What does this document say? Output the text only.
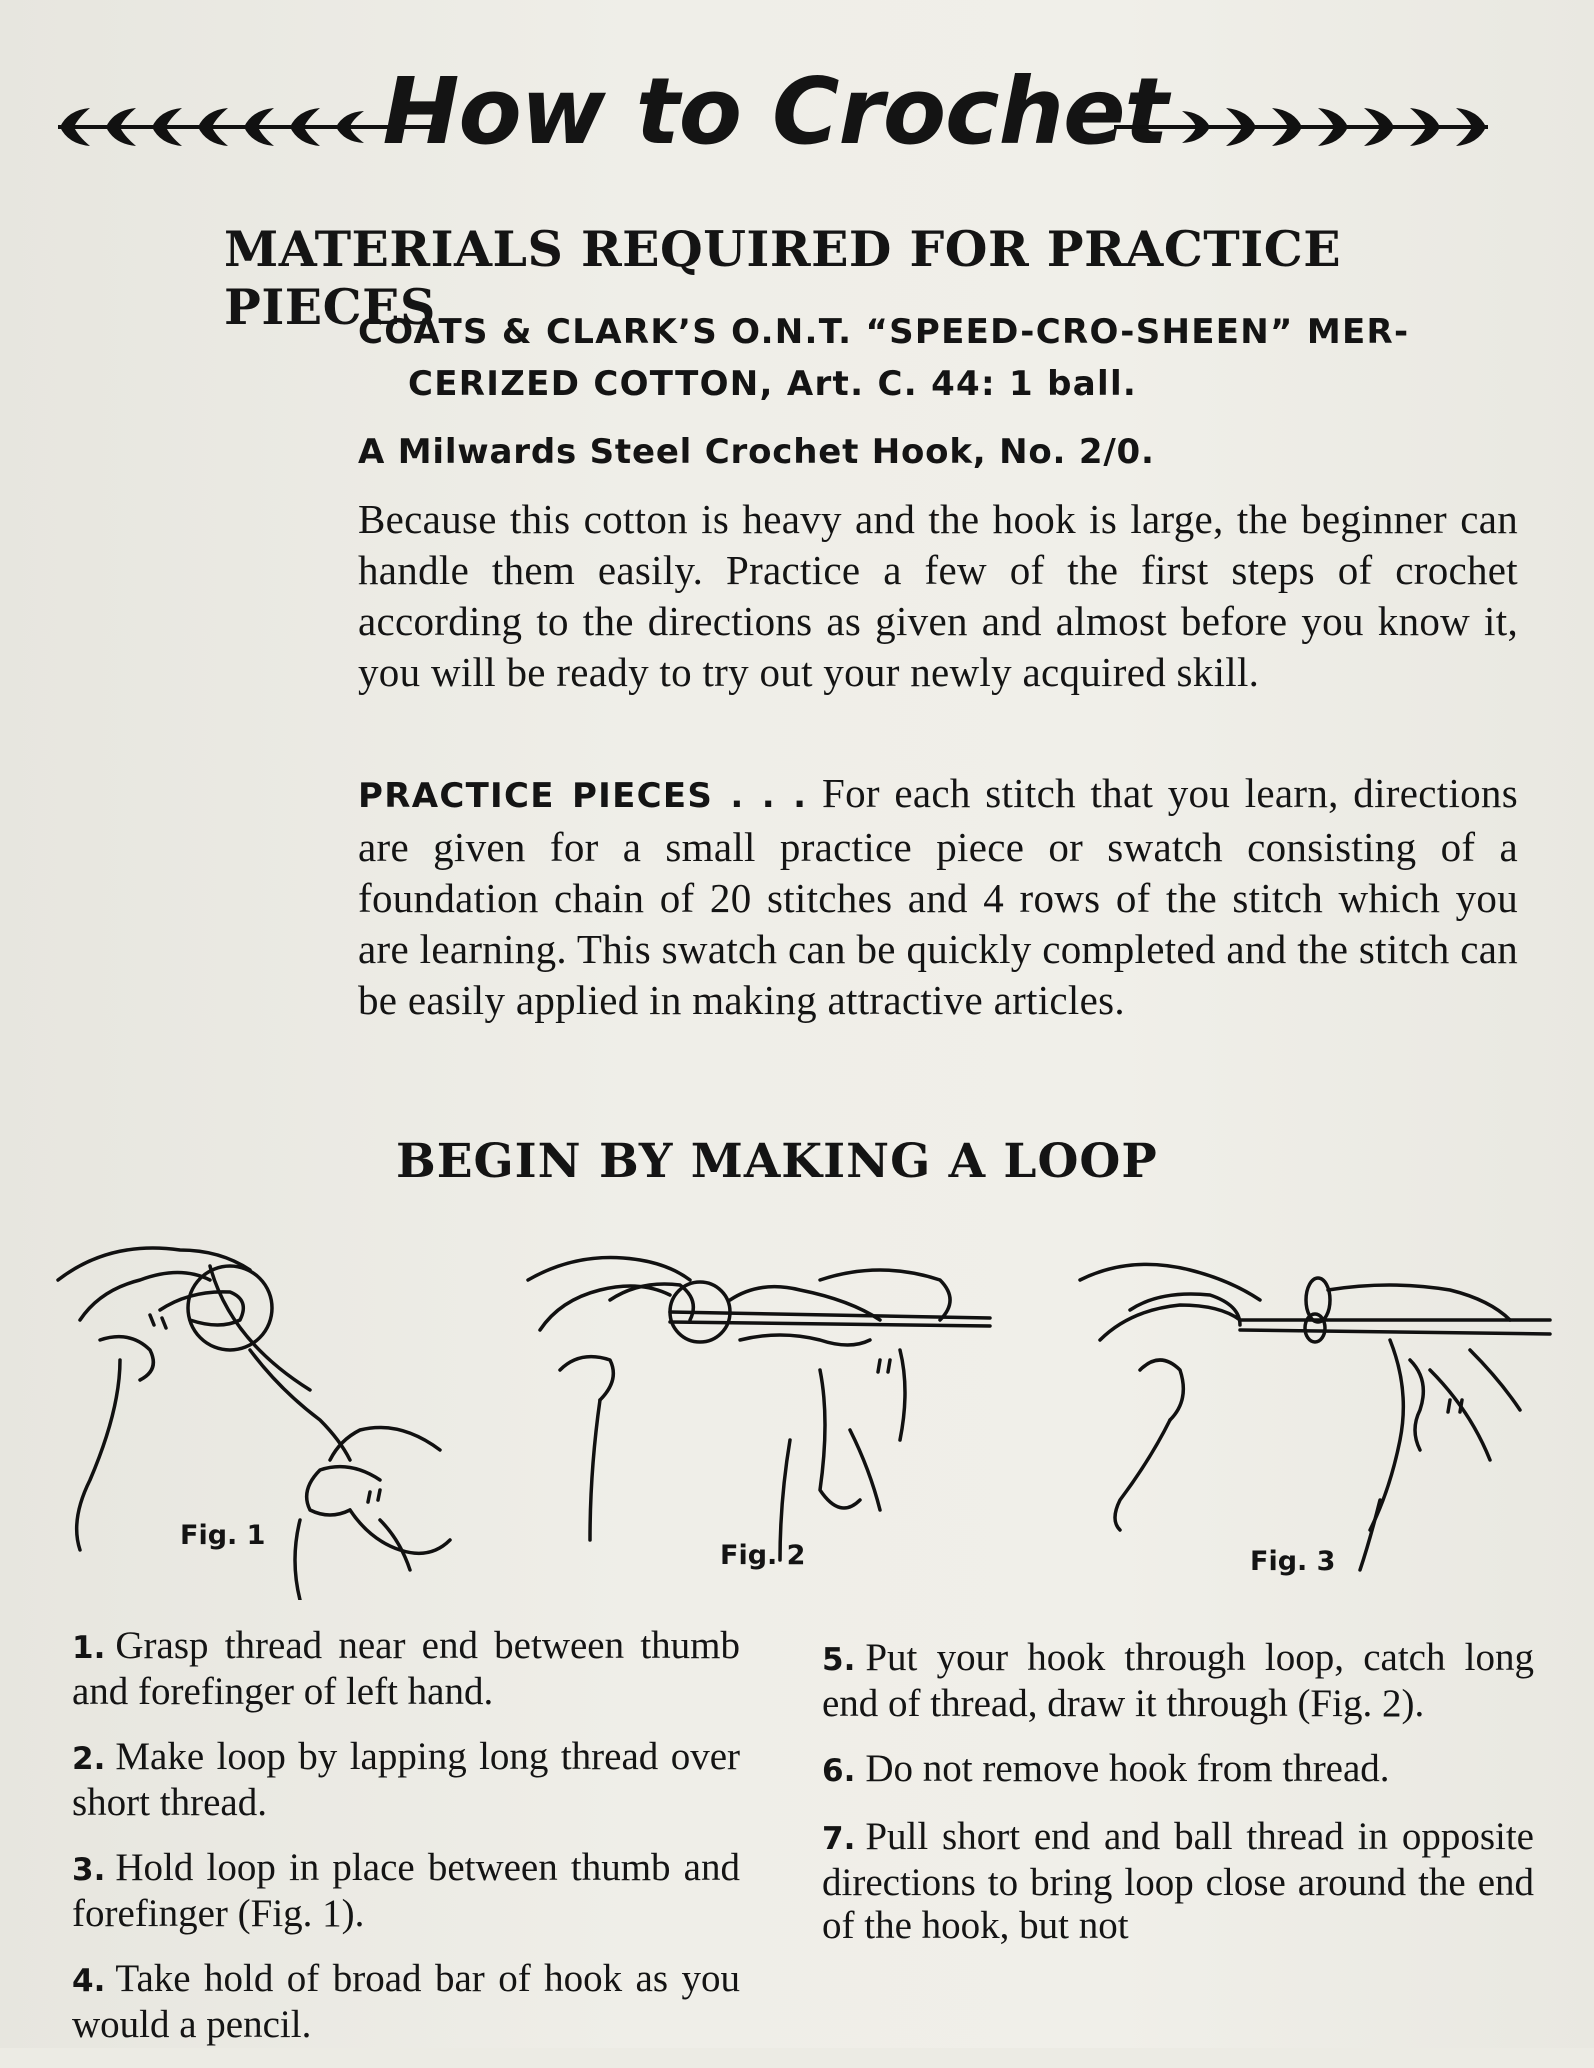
How to Crochet
MATERIALS REQUIRED FOR PRACTICE PIECES
COATS & CLARK’S O.N.T. “SPEED-CRO-SHEEN” MER-
CERIZED COTTON, Art. C. 44: 1 ball.
A Milwards Steel Crochet Hook, No. 2/0.
Because this cotton is heavy and the hook is large, the beginner can handle them easily. Practice a few of the first steps of crochet according to the directions as given and almost before you know it, you will be ready to try out your newly acquired skill.
PRACTICE PIECES . . . For each stitch that you learn, directions are given for a small practice piece or swatch consisting of a foundation chain of 20 stitches and 4 rows of the stitch which you are learning. This swatch can be quickly completed and the stitch can be easily applied in making attractive articles.
BEGIN BY MAKING A LOOP
Fig. 1
Fig. 2	Fig. 3
1. Grasp thread near end between thumb and forefinger of left hand.
2. Make loop by lapping long thread over short thread.
3. Hold loop in place between thumb and forefinger (Fig. 1).
4. Take hold of broad bar of hook as you would a pencil.
5. Put your hook through loop, catch long end of thread, draw it through (Fig. 2).
6. Do not remove hook from thread.
7. Pull short end and ball thread in opposite directions to bring loop close around the end of the hook, but not
